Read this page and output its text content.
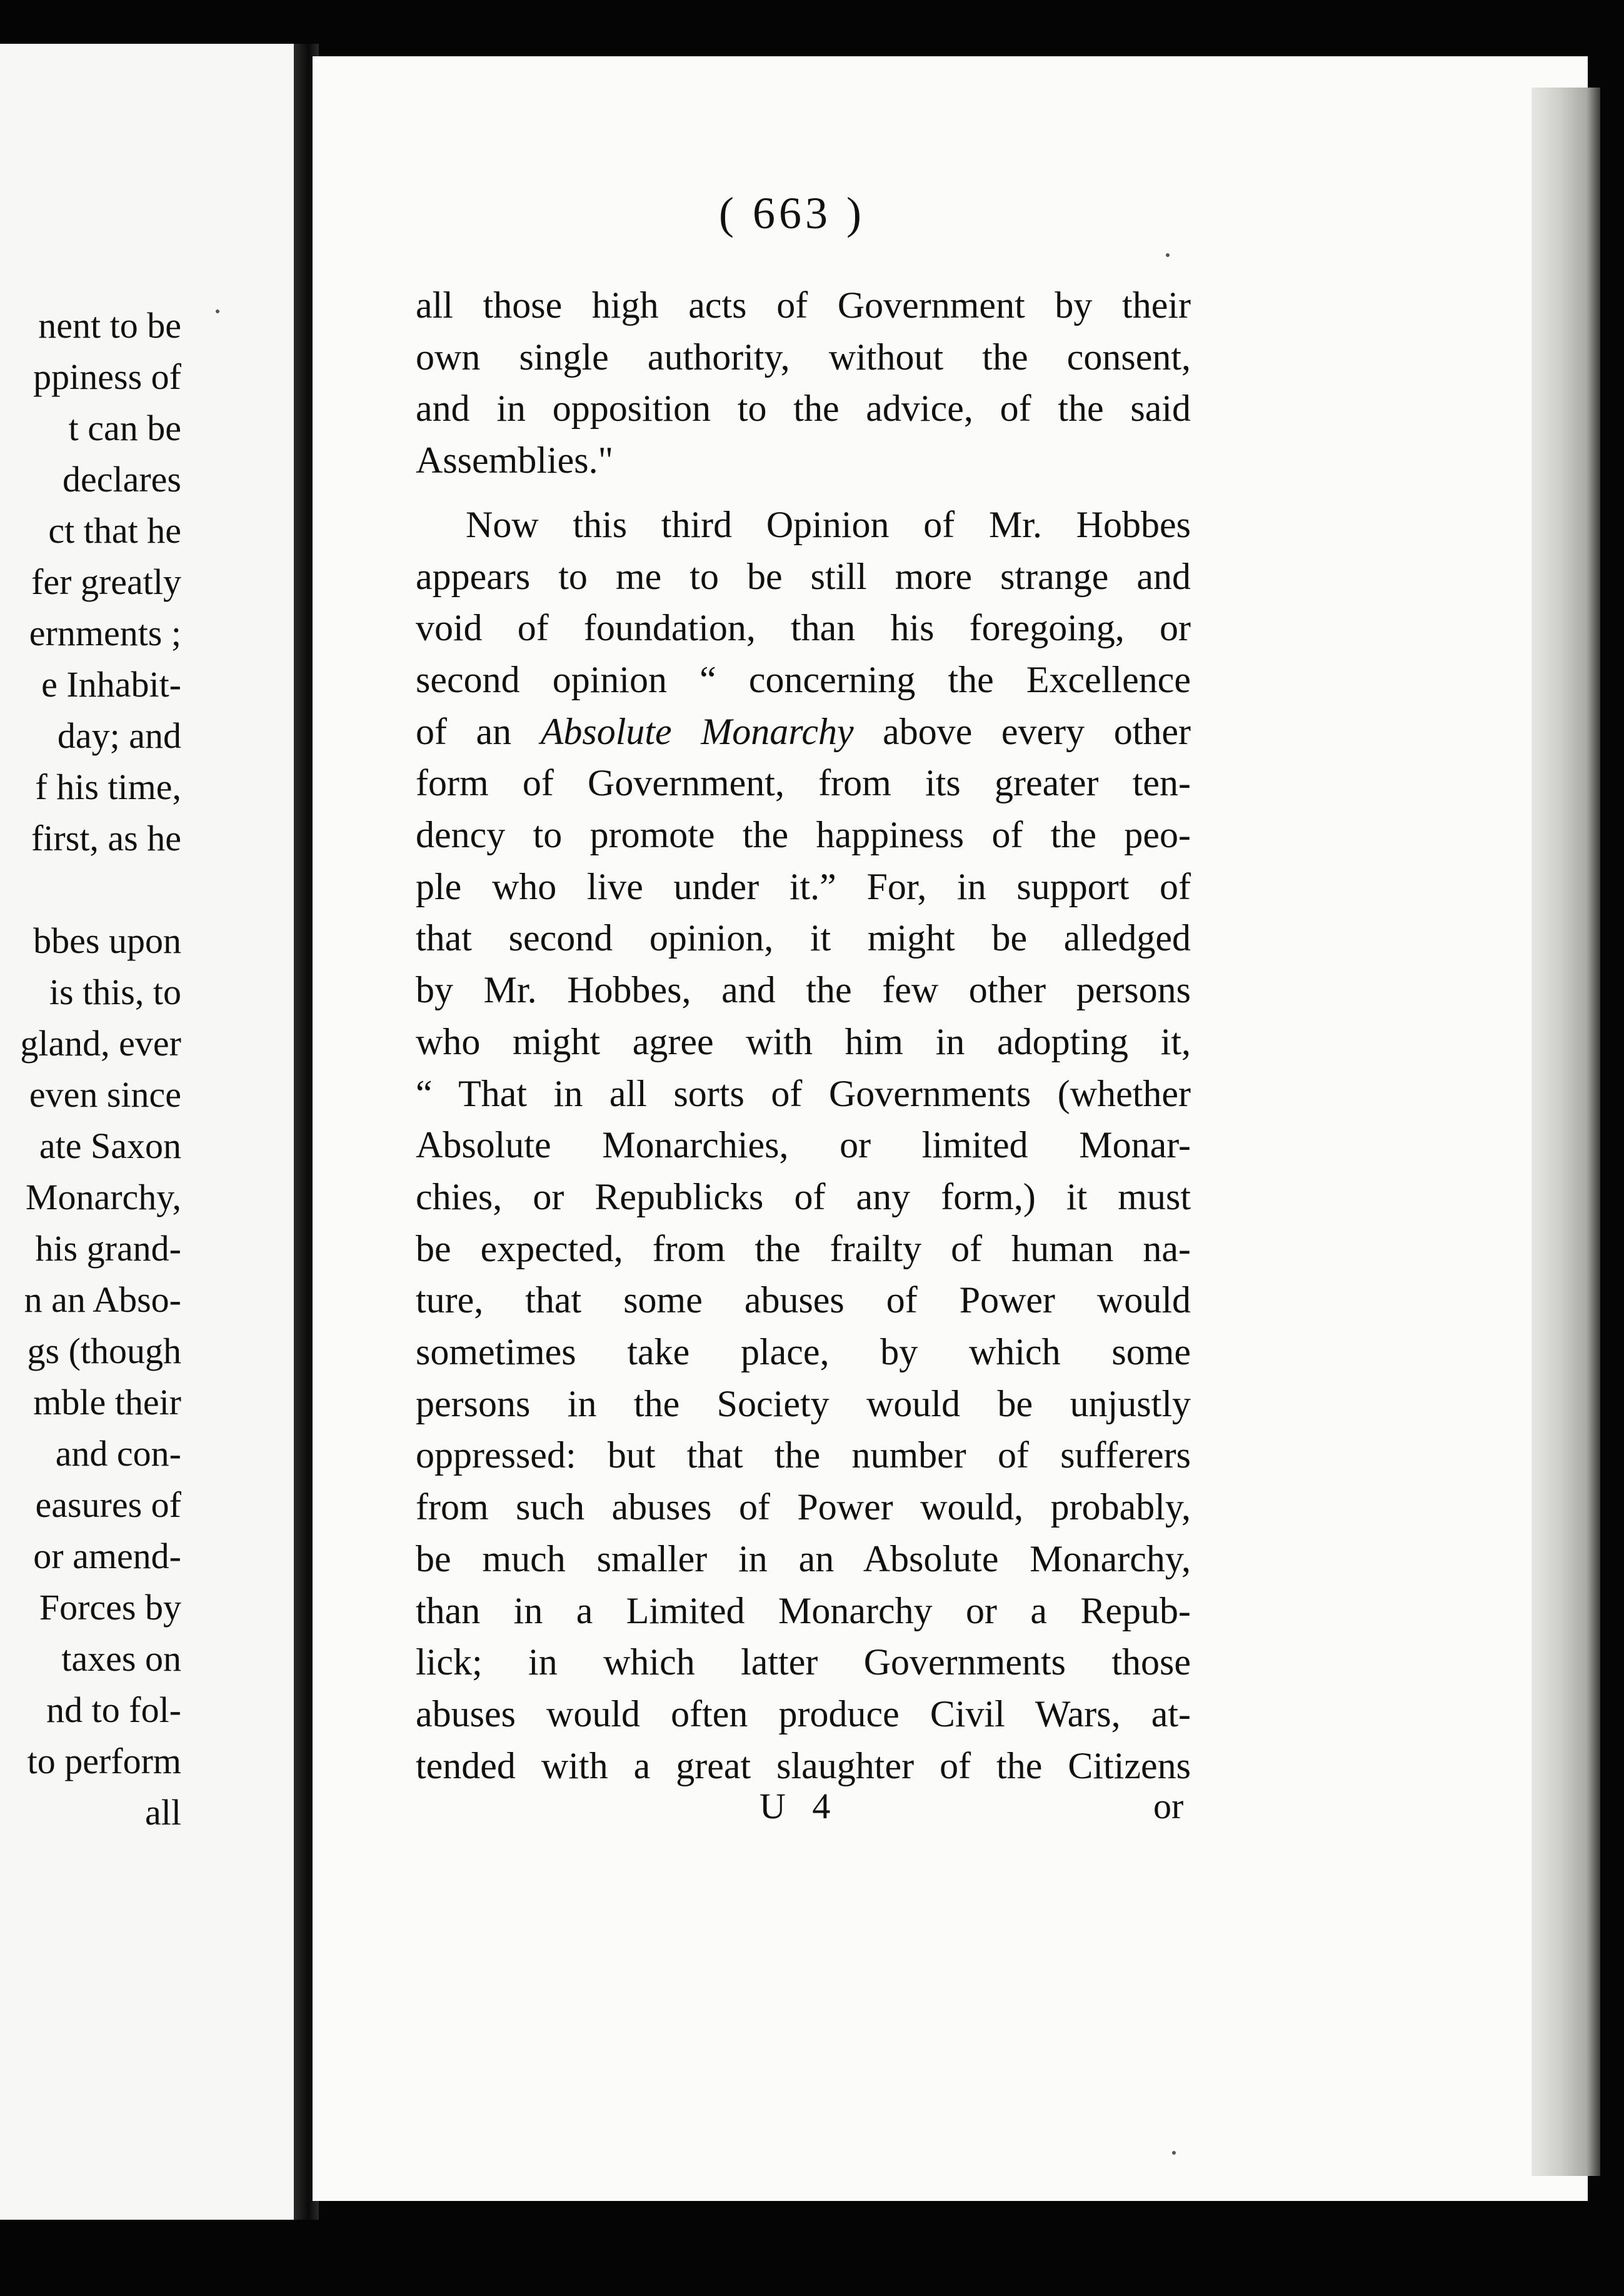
nent to be
ppiness of
t can be
declares
ct that he
fer greatly
ernments ;
e Inhabit-
day; and
f his time,
first, as he
bbes upon
is this, to
gland, ever
even since
ate Saxon
Monarchy,
his grand-
n an Abso-
gs (though
mble their
and con-
easures of
or amend-
Forces by
taxes on
nd to fol-
to perform
all
( 663 )
all those high acts of Government by their
own single authority, without the consent,
and in opposition to the advice, of the said
Assemblies."
Now this third Opinion of Mr. Hobbes
appears to me to be still more strange and
void of foundation, than his foregoing, or
second opinion “ concerning the Excellence
of an Absolute Monarchy above every other
form of Government, from its greater ten-
dency to promote the happiness of the peo-
ple who live under it.” For, in support of
that second opinion, it might be alledged
by Mr. Hobbes, and the few other persons
who might agree with him in adopting it,
“ That in all sorts of Governments (whether
Absolute Monarchies, or limited Monar-
chies, or Republicks of any form,) it must
be expected, from the frailty of human na-
ture, that some abuses of Power would
sometimes take place, by which some
persons in the Society would be unjustly
oppressed: but that the number of sufferers
from such abuses of Power would, probably,
be much smaller in an Absolute Monarchy,
than in a Limited Monarchy or a Repub-
lick; in which latter Governments those
abuses would often produce Civil Wars, at-
tended with a great slaughter of the Citizens
U 4	or
